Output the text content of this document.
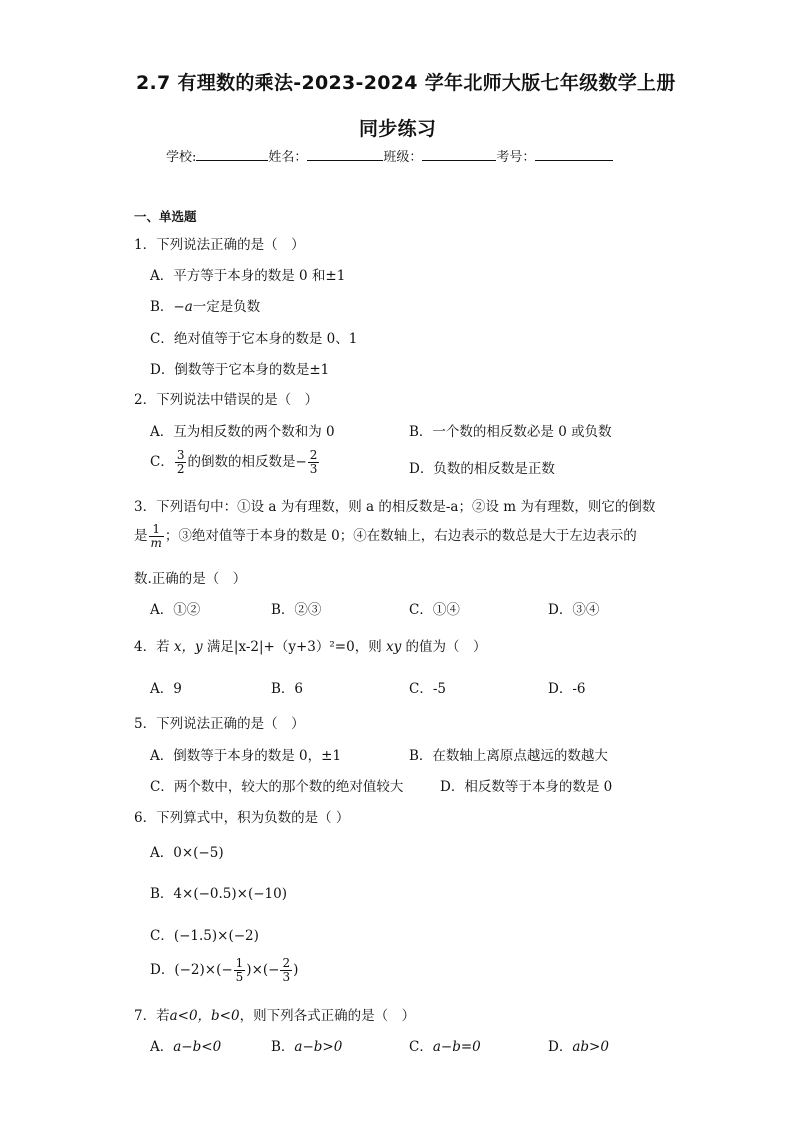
2.7 有理数的乘法-2023-2024 学年北师大版七年级数学上册
同步练习
学校:	姓名：	班级：	考号：
一、单选题
1．下列说法正确的是（　）
A．平方等于本身的数是 0 和±1
B．−a一定是负数
C．绝对值等于它本身的数是 0、1
D．倒数等于它本身的数是±1
2．下列说法中错误的是（　）
A．互为相反数的两个数和为 0	B．一个数的相反数必是 0 或负数
C． $\frac{3}{2}$ 的倒数的相反数是− $\frac{2}{3}$	D．负数的相反数是正数
3．下列语句中：①设 a 为有理数，则 a 的相反数是-a；②设 m 为有理数，则它的倒数
是 $\frac{1}{m}$ ；③绝对值等于本身的数是 0；④在数轴上，右边表示的数总是大于左边表示的
数.正确的是（　）
A．①②	B．②③	C．①④	D．③④
4．若 x，y 满足|x-2|+（y+3）²=0，则 xy 的值为（　）
A．9	B．6	C．-5	D．-6
5．下列说法正确的是（　）
A．倒数等于本身的数是 0，±1	B．在数轴上离原点越远的数越大
C．两个数中，较大的那个数的绝对值较大	D．相反数等于本身的数是 0
6．下列算式中，积为负数的是（ ）
A．0×(−5)
B．4×(−0.5)×(−10)
C．(−1.5)×(−2)
D．$(-2)\times(- \frac{1}{5}$ )×(− $\frac{2}{3}$ )
7．若a<0，b<0，则下列各式正确的是（　）
A．a−b<0	B．a−b>0	C．a−b=0	D．ab>0
